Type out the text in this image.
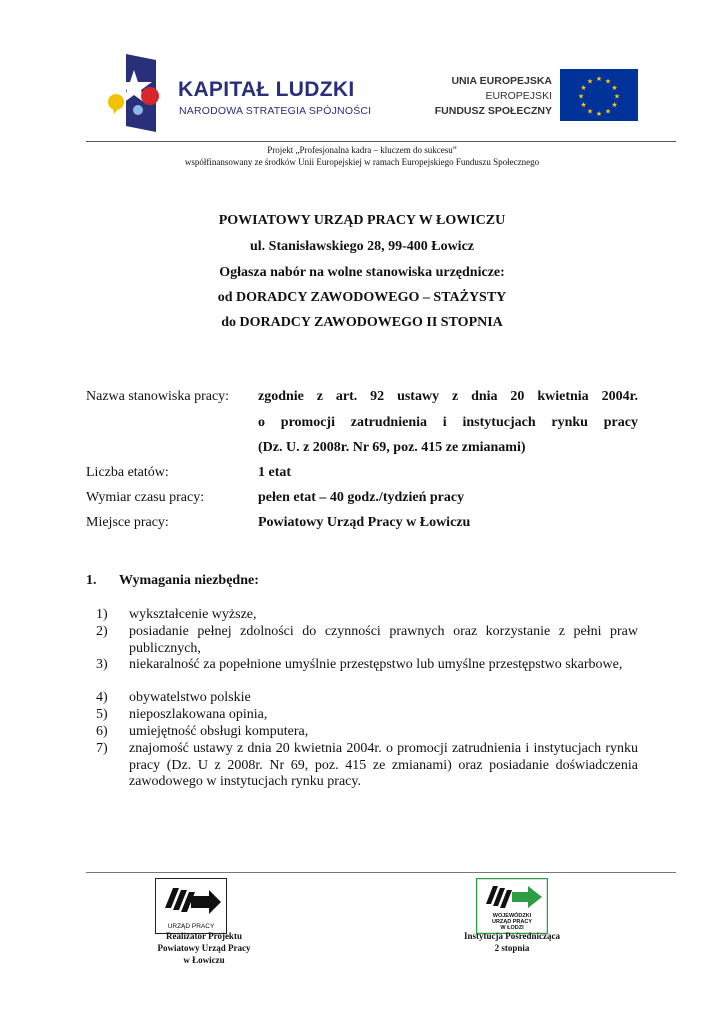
KAPITAŁ LUDZKI
NARODOWA STRATEGIA SPÓJNOŚCI
UNIA EUROPEJSKA
EUROPEJSKI
FUNDUSZ SPOŁECZNY
★ ★
★
★
★
★
★
★
★
★
★
★
Projekt „Profesjonalna kadra – kluczem do sukcesu”
współfinansowany ze środków Unii Europejskiej w ramach Europejskiego Funduszu Społecznego
POWIATOWY URZĄD PRACY W ŁOWICZU
ul. Stanisławskiego 28, 99-400 Łowicz
Ogłasza nabór na wolne stanowiska urzędnicze:
od DORADCY ZAWODOWEGO – STAŻYSTY
do DORADCY ZAWODOWEGO II STOPNIA
Nazwa stanowiska pracy: zgodnie z art. 92 ustawy z dnia 20 kwietnia 2004r.
o promocji zatrudnienia i instytucjach rynku pracy
(Dz. U. z 2008r. Nr 69, poz. 415 ze zmianami)
Liczba etatów:	1 etat
Wymiar czasu pracy:	pełen etat – 40 godz./tydzień pracy
Miejsce pracy:	Powiatowy Urząd Pracy w Łowiczu
1. Wymagania niezbędne:
1) wykształcenie wyższe,
2) posiadanie pełnej zdolności do czynności prawnych oraz korzystanie z pełni praw publicznych,
3) niekaralność za popełnione umyślnie przestępstwo lub umyślne przestępstwo skarbowe,
4) obywatelstwo polskie
5) nieposzlakowana opinia,
6) umiejętność obsługi komputera,
7) znajomość ustawy z dnia 20 kwietnia 2004r. o promocji zatrudnienia i instytucjach rynku pracy (Dz. U z 2008r. Nr 69, poz. 415 ze zmianami) oraz posiadanie doświadczenia zawodowego w instytucjach rynku pracy.
URZĄD PRACY
WOJEWÓDZKI
URZĄD PRACY
W ŁODZI
Realizator Projektu
Powiatowy Urząd Pracy
w Łowiczu
Instytucja Pośrednicząca
2 stopnia
